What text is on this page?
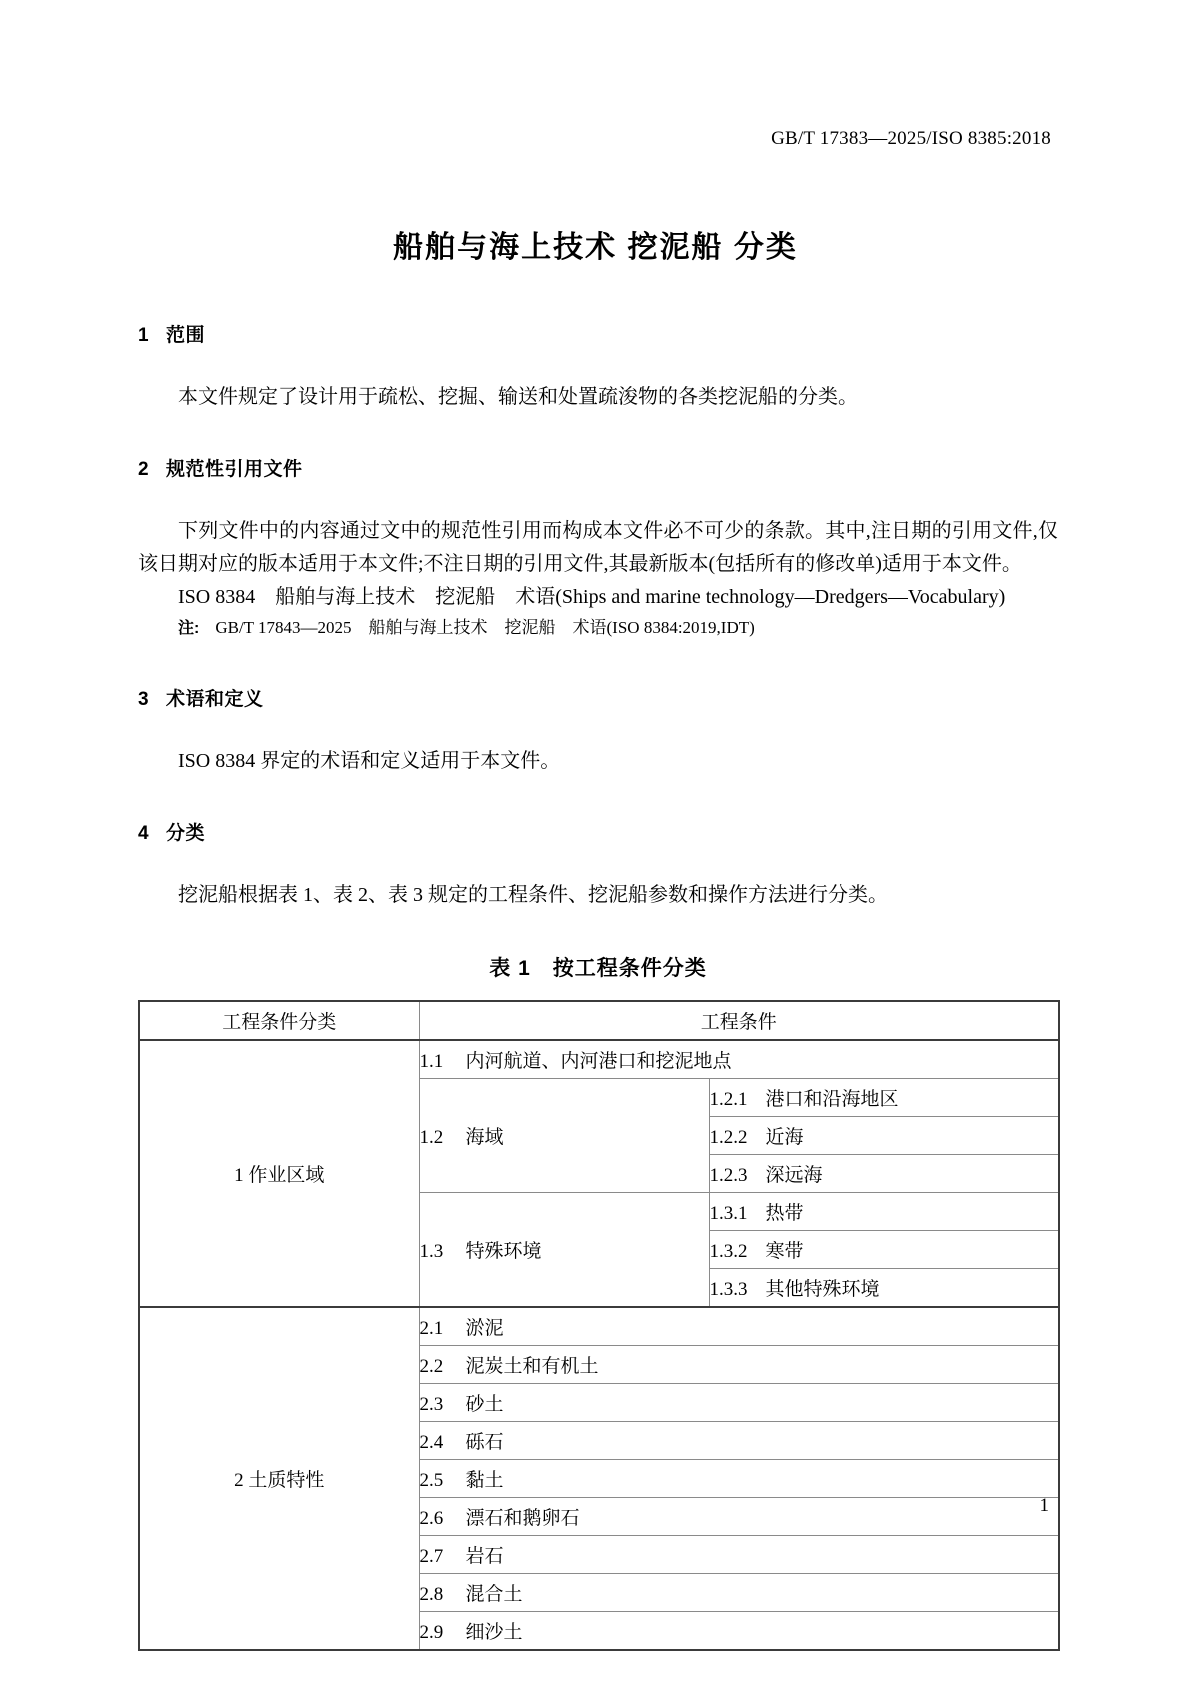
GB/T 17383—2025/ISO 8385:2018
船舶与海上技术 挖泥船 分类
1 范围

本文件规定了设计用于疏松、挖掘、输送和处置疏浚物的各类挖泥船的分类。

2 规范性引用文件

下列文件中的内容通过文中的规范性引用而构成本文件必不可少的条款。其中,注日期的引用文件,仅该日期对应的版本适用于本文件;不注日期的引用文件,其最新版本(包括所有的修改单)适用于本文件。

ISO 8384　船舶与海上技术　挖泥船　术语(Ships and marine technology—Dredgers—Vocabulary)

注: GB/T 17843—2025　船舶与海上技术　挖泥船　术语(ISO 8384:2019,IDT)

3 术语和定义

ISO 8384 界定的术语和定义适用于本文件。

4 分类

挖泥船根据表 1、表 2、表 3 规定的工程条件、挖泥船参数和操作方法进行分类。

表 1　按工程条件分类

工程条件分类	工程条件	
1 作业区域	1.1 内河航道、内河港口和挖泥地点	
	1.2 海域	1.2.1 港口和沿海地区
		1.2.2 近海
		1.2.3 深远海
	1.3 特殊环境	1.3.1 热带
		1.3.2 寒带
		1.3.3 其他特殊环境
2 土质特性	2.1 淤泥	
	2.2 泥炭土和有机土	
	2.3 砂土	
	2.4 砾石	
	2.5 黏土	
	2.6 漂石和鹅卵石	
	2.7 岩石	
	2.8 混合土	
	2.9 细沙土	
1
